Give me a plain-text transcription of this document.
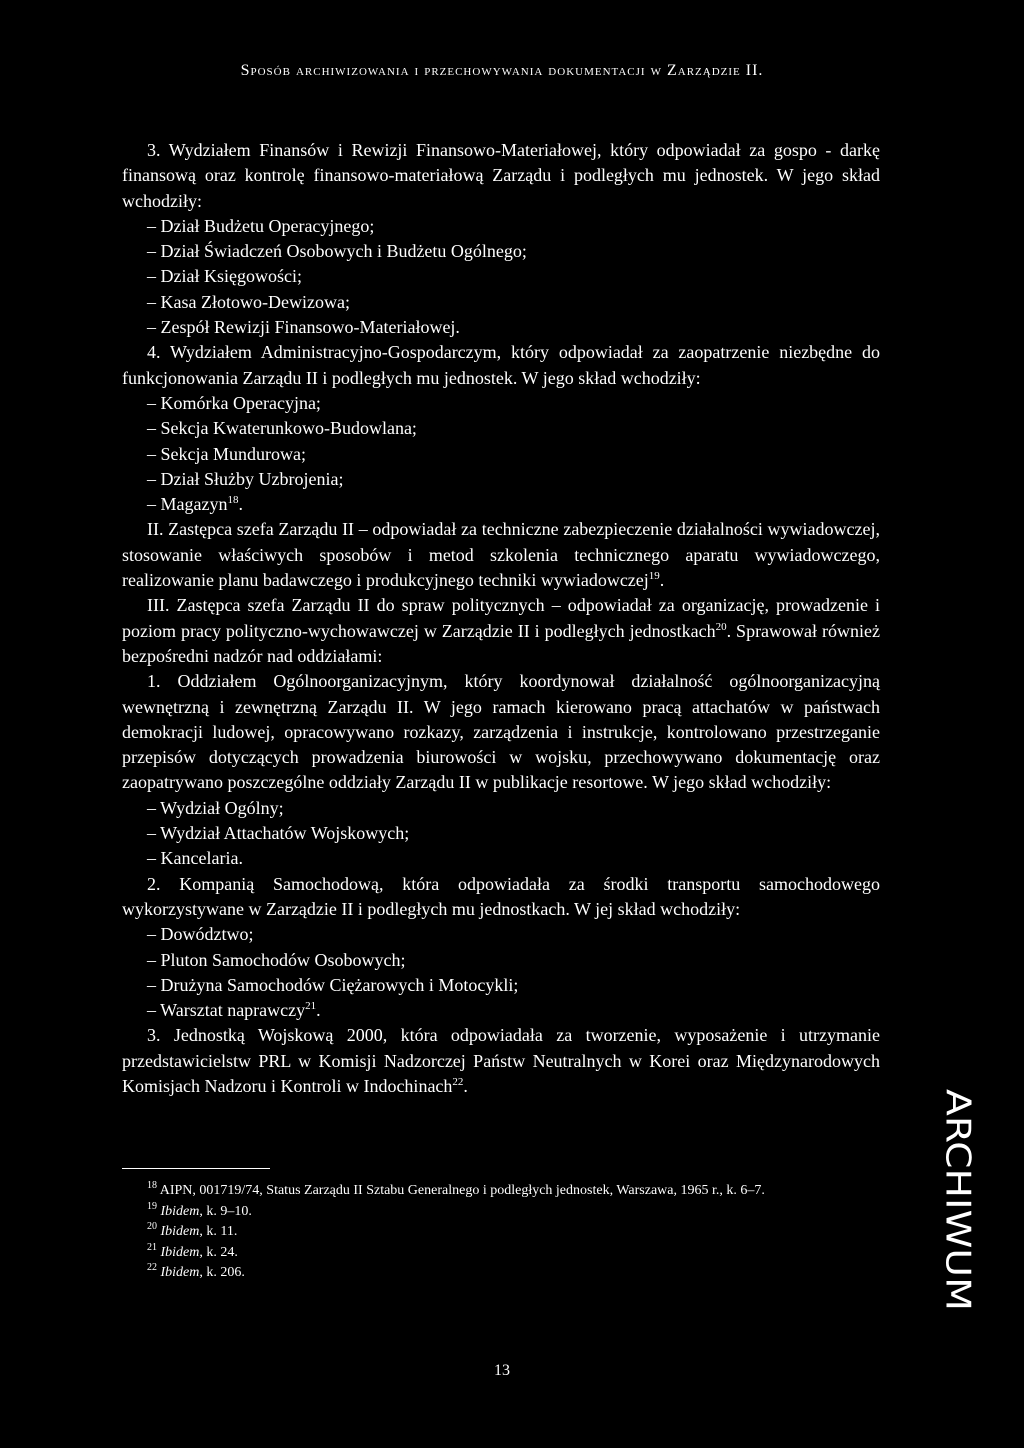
Sposób archiwizowania i przechowywania dokumentacji w Zarządzie II.

3. Wydziałem Finansów i Rewizji Finansowo-Materiałowej, który odpowiadał za gospo - darkę finansową oraz kontrolę finansowo-materiałową Zarządu i podległych mu jednostek. W jego skład wchodziły:

– Dział Budżetu Operacyjnego;

– Dział Świadczeń Osobowych i Budżetu Ogólnego;

– Dział Księgowości;

– Kasa Złotowo-Dewizowa;

– Zespół Rewizji Finansowo-Materiałowej.

4. Wydziałem Administracyjno-Gospodarczym, który odpowiadał za zaopatrzenie niezbędne do funkcjonowania Zarządu II i podległych mu jednostek. W jego skład wchodziły:

– Komórka Operacyjna;

– Sekcja Kwaterunkowo-Budowlana;

– Sekcja Mundurowa;

– Dział Służby Uzbrojenia;

– Magazyn$^{18}$.

II. Zastępca szefa Zarządu II – odpowiadał za techniczne zabezpieczenie działalności wywiadowczej, stosowanie właściwych sposobów i metod szkolenia technicznego aparatu wywiadowczego, realizowanie planu badawczego i produkcyjnego techniki wywiadowczej$^{19}$.

III. Zastępca szefa Zarządu II do spraw politycznych – odpowiadał za organizację, prowadzenie i poziom pracy polityczno-wychowawczej w Zarządzie II i podległych jednostkach$^{20}$. Sprawował również bezpośredni nadzór nad oddziałami:

1. Oddziałem Ogólnoorganizacyjnym, który koordynował działalność ogólnoorganizacyjną wewnętrzną i zewnętrzną Zarządu II. W jego ramach kierowano pracą attachatów w państwach demokracji ludowej, opracowywano rozkazy, zarządzenia i instrukcje, kontrolowano przestrzeganie przepisów dotyczących prowadzenia biurowości w wojsku, przechowywano dokumentację oraz zaopatrywano poszczególne oddziały Zarządu II w publikacje resortowe. W jego skład wchodziły:

– Wydział Ogólny;

– Wydział Attachatów Wojskowych;

– Kancelaria.

2. Kompanią Samochodową, która odpowiadała za środki transportu samochodowego wykorzystywane w Zarządzie II i podległych mu jednostkach. W jej skład wchodziły:

– Dowództwo;

– Pluton Samochodów Osobowych;

– Drużyna Samochodów Ciężarowych i Motocykli;

– Warsztat naprawczy$^{21}$.

3. Jednostką Wojskową 2000, która odpowiadała za tworzenie, wyposażenie i utrzymanie przedstawicielstw PRL w Komisji Nadzorczej Państw Neutralnych w Korei oraz Międzynarodowych Komisjach Nadzoru i Kontroli w Indochinach$^{22}$.

$^{18}$ AIPN, 001719/74, Status Zarządu II Sztabu Generalnego i podległych jednostek, Warszawa, 1965 r., k. 6–7.

$^{19}$ Ibidem, k. 9–10.

$^{20}$ Ibidem, k. 11.

$^{21}$ Ibidem, k. 24.

$^{22}$ Ibidem, k. 206.	ARCHIWUM
13
